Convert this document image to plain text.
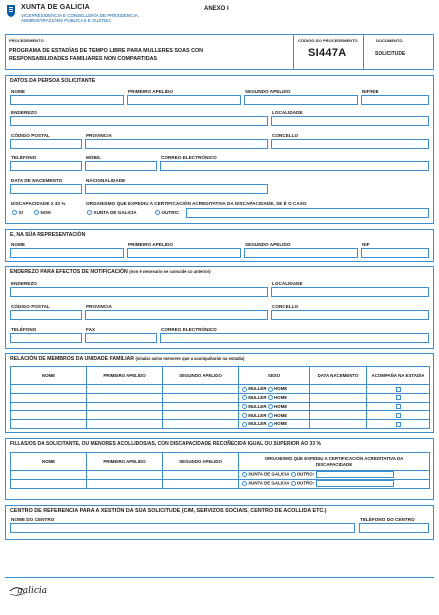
XUNTA DE GALICIA
VICEPRESIDENCIA E CONSELLERÍA DE PRESIDENCIA,
ADMINISTRACIÓNS PÚBLICAS E XUSTIZA
ANEXO I
PROCEDEMENTO
PROGRAMA DE ESTADÍAS DE TEMPO LIBRE PARA MULLERES SOAS CON
RESPONSABILIDADES FAMILIARES NON COMPARTIDAS
CÓDIGO DO PROCEDEMENTO
SI447A
DOCUMENTO
SOLICITUDE
DATOS DA PERSOA SOLICITANTE
NOME	PRIMEIRO APELIDO	SEGUNDO APELIDO	NIF/NIE
ENDEREZO	LOCALIDADE
CÓDIGO POSTAL	PROVINCIA	CONCELLO
TELÉFONO	MÓBIL	CORREO ELECTRÓNICO
DATA DE NACEMENTO	NACIONALIDADE
DISCAPACIDADE ≥ 33 %	ORGANISMO QUE EXPEDIU A CERTIFICACIÓN ACREDITATIVA DA DISCAPACIDADE, SE É O CASO
SI	NON	XUNTA DE GALICIA	OUTRO:
E, NA SÚA REPRESENTACIÓN
NOME	PRIMEIRO APELIDO	SEGUNDO APELIDO	NIF
ENDEREZO PARA EFECTOS DE NOTIFICACIÓN (non é necesario se coincide co anterior)
ENDEREZO	LOCALIDADE
CÓDIGO POSTAL	PROVINCIA	CONCELLO
TELÉFONO	FAX	CORREO ELECTRÓNICO
RELACIÓN DE MEMBROS DA UNIDADE FAMILIAR (sinalar as/os menores que a acompañarán na estadía)
NOME	PRIMEIRO APELIDO	SEGUNDO APELIDO	SEXO	DATA NACEMENTO	ACOMPAÑA NA ESTADÍA
			MULLER HOME		
			MULLER HOME		
			MULLER HOME		
			MULLER HOME		
			MULLER HOME		
FILLAS/OS DA SOLICITANTE, OU MENORES ACOLLIDOS/AS, CON DISCAPACIDADE RECOÑECIDA IGUAL OU SUPERIOR AO 33 %
NOME	PRIMEIRO APELIDO	SEGUNDO APELIDO	ORGANISMO QUE EXPEDIU A CERTIFICACIÓN ACREDITATIVA DA
DISCAPACIDADE

			XUNTA DE GALICIA OUTRO:
			XUNTA DE GALICIA OUTRO:
CENTRO DE REFERENCIA PARA A XESTIÓN DA SÚA SOLICITUDE (CIM, SERVIZOS SOCIAIS, CENTRO DE ACOLLIDA ETC.)
NOME DO CENTRO	TELÉFONO DO CENTRO
galicia
